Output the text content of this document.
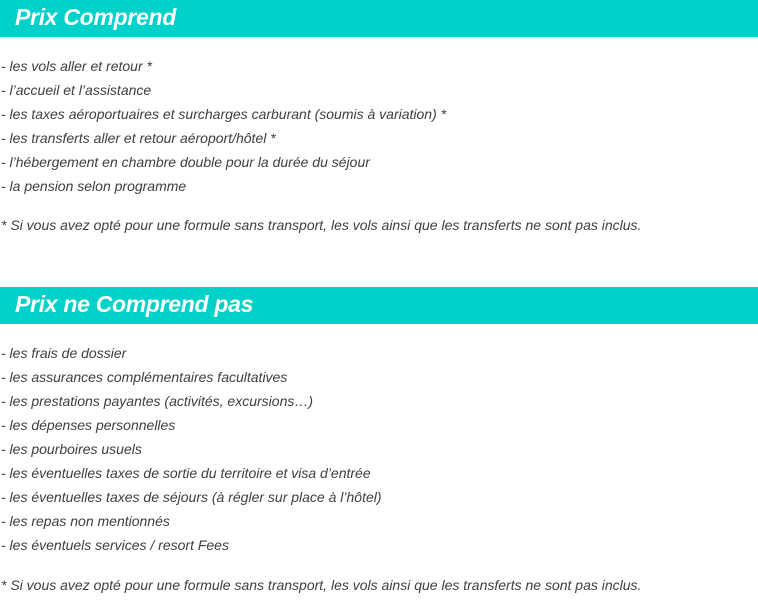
Prix Comprend
- les vols aller et retour *
- l’accueil et l’assistance
- les taxes aéroportuaires et surcharges carburant (soumis à variation) *
- les transferts aller et retour aéroport/hôtel *
- l’hébergement en chambre double pour la durée du séjour
- la pension selon programme
* Si vous avez opté pour une formule sans transport, les vols ainsi que les transferts ne sont pas inclus.
Prix ne Comprend pas
- les frais de dossier
- les assurances complémentaires facultatives
- les prestations payantes (activités, excursions…)
- les dépenses personnelles
- les pourboires usuels
- les éventuelles taxes de sortie du territoire et visa d’entrée
- les éventuelles taxes de séjours (à régler sur place à l’hôtel)
- les repas non mentionnés
- les éventuels services / resort Fees
* Si vous avez opté pour une formule sans transport, les vols ainsi que les transferts ne sont pas inclus.
